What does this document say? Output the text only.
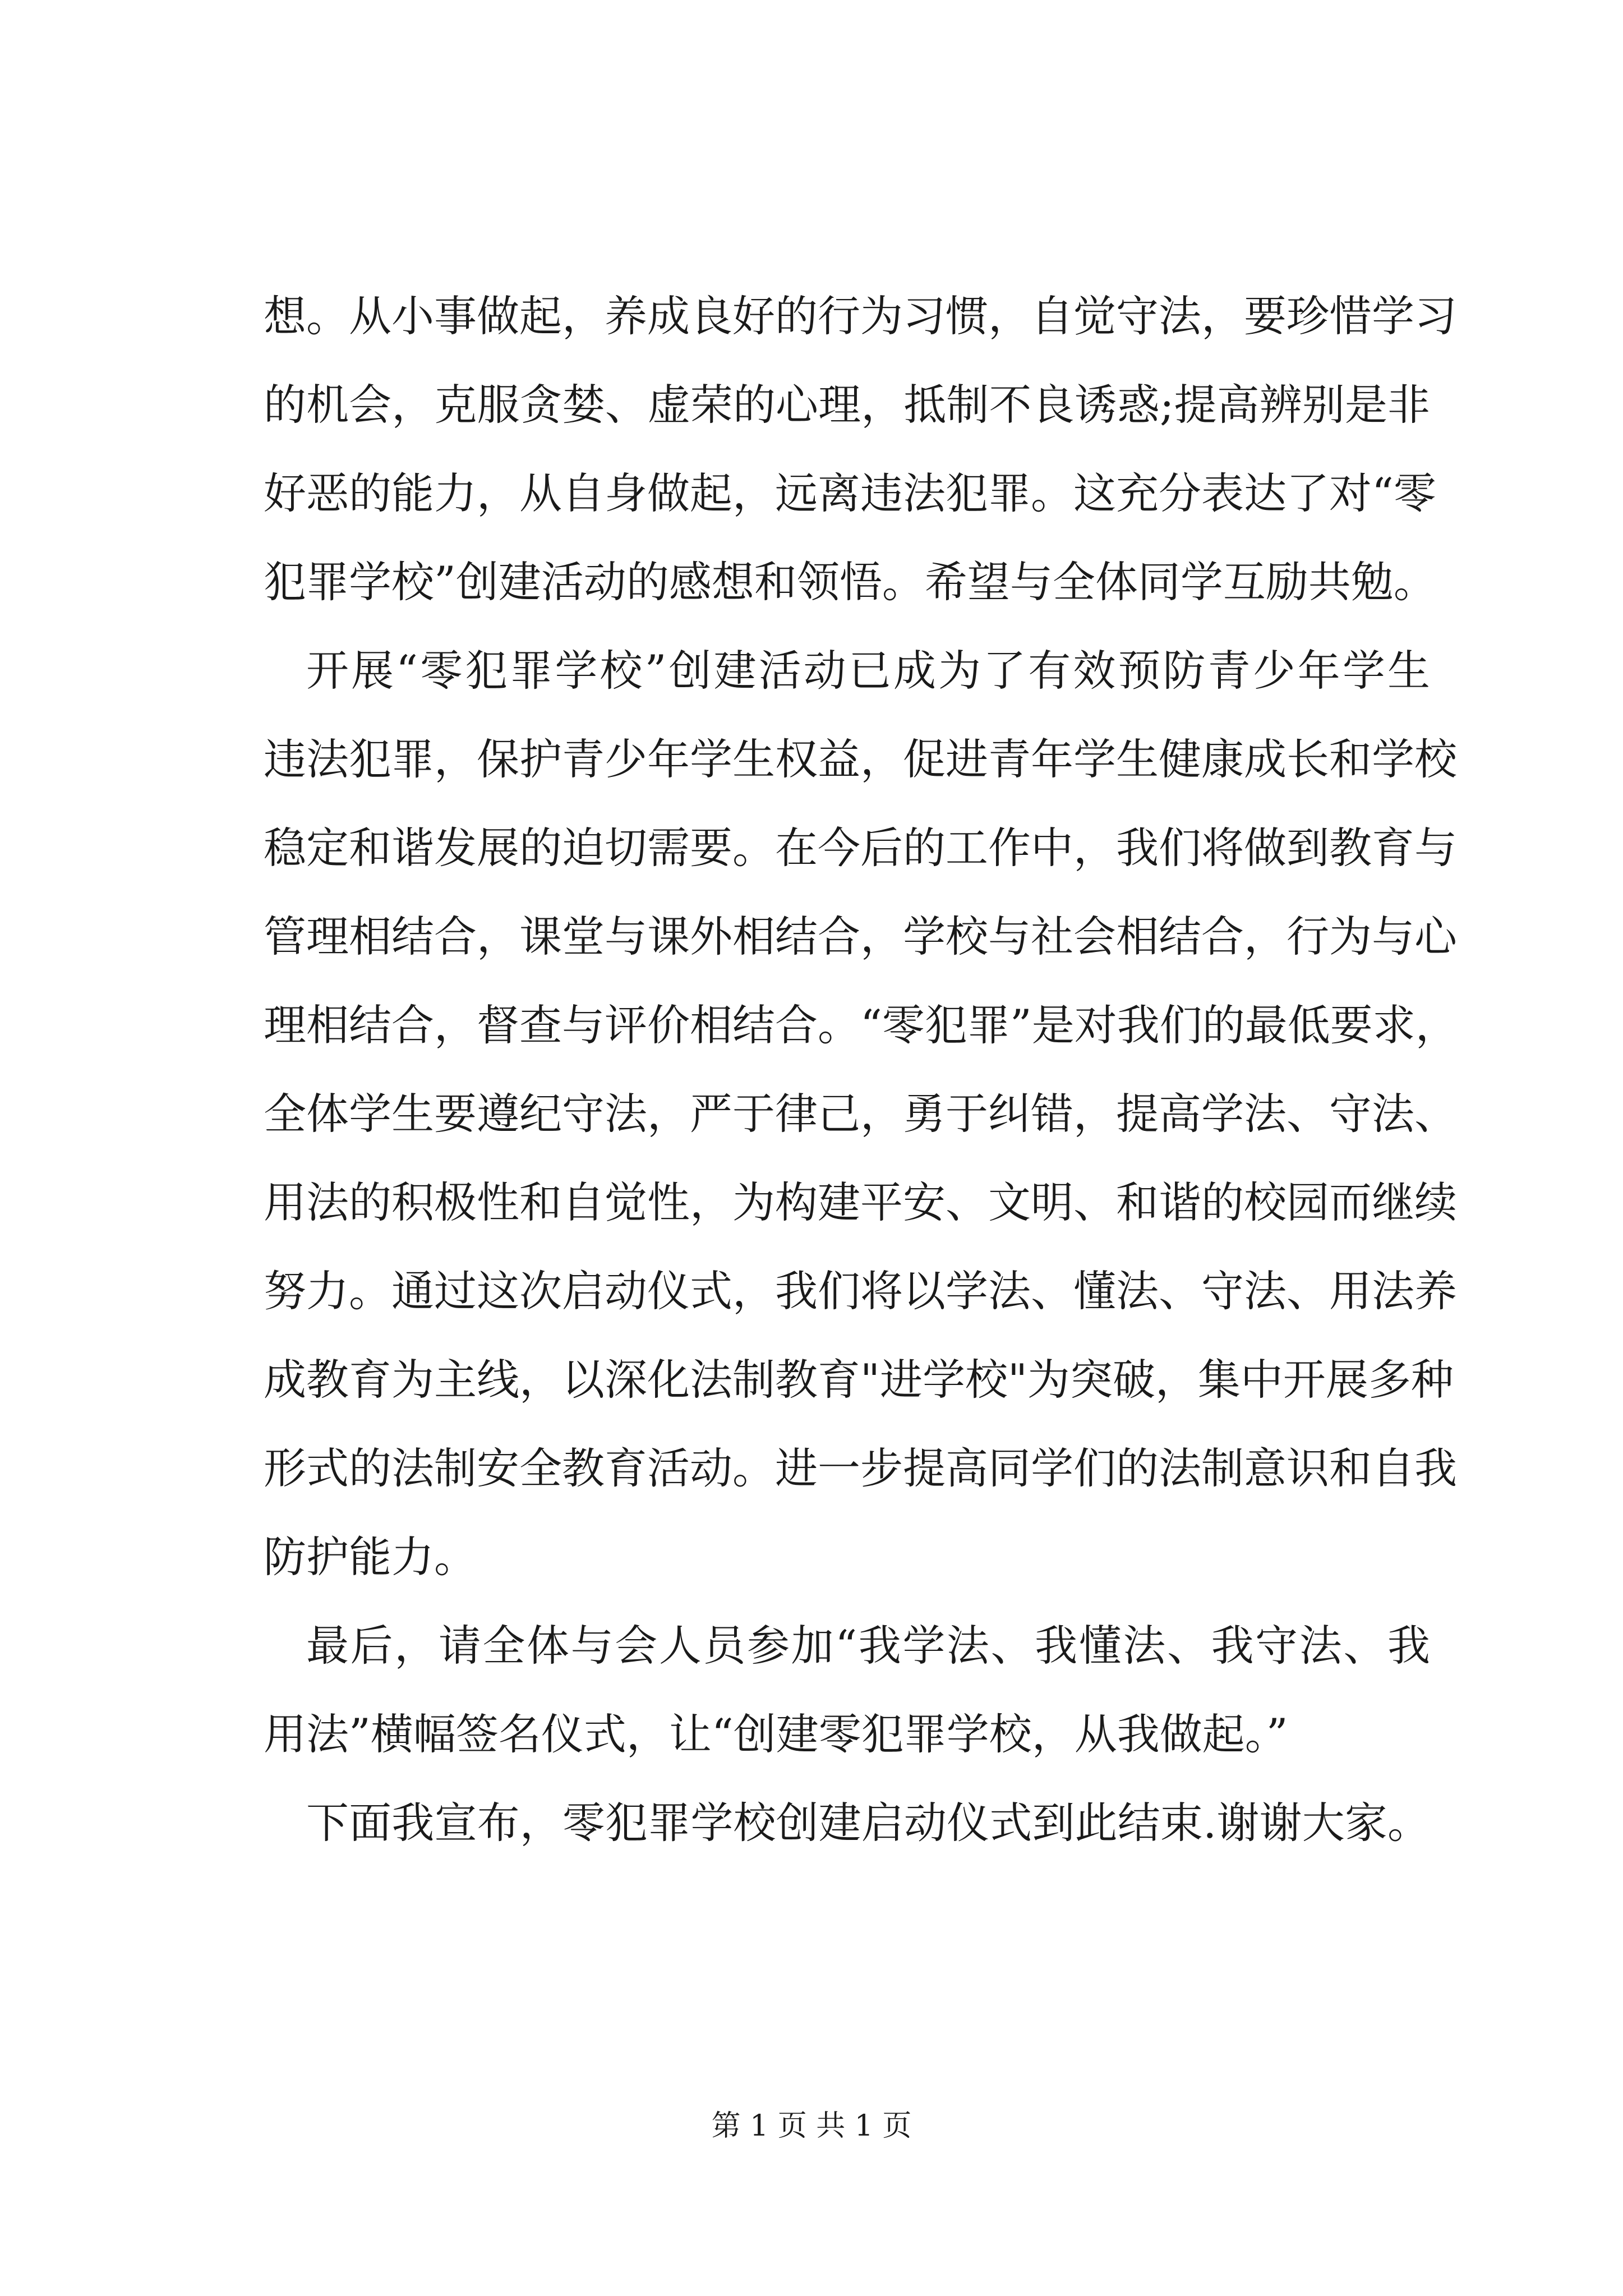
想。从小事做起，养成良好的行为习惯，自觉守法，要珍惜学习
的机会，克服贪婪、虚荣的心理，抵制不良诱惑;提高辨别是非
好恶的能力，从自身做起，远离违法犯罪。这充分表达了对“零
犯罪学校”创建活动的感想和领悟。希望与全体同学互励共勉。
开展“零犯罪学校”创建活动已成为了有效预防青少年学生
违法犯罪，保护青少年学生权益，促进青年学生健康成长和学校
稳定和谐发展的迫切需要。在今后的工作中，我们将做到教育与
管理相结合，课堂与课外相结合，学校与社会相结合，行为与心
理相结合，督查与评价相结合。“零犯罪”是对我们的最低要求，
全体学生要遵纪守法，严于律己，勇于纠错，提高学法、守法、
用法的积极性和自觉性，为构建平安、文明、和谐的校园而继续
努力。通过这次启动仪式，我们将以学法、懂法、守法、用法养
成教育为主线，以深化法制教育"进学校"为突破，集中开展多种
形式的法制安全教育活动。进一步提高同学们的法制意识和自我
防护能力。
最后，请全体与会人员参加“我学法、我懂法、我守法、我
用法”横幅签名仪式，让“创建零犯罪学校，从我做起。”
下面我宣布，零犯罪学校创建启动仪式到此结束.谢谢大家。
第 1 页 共 1 页
